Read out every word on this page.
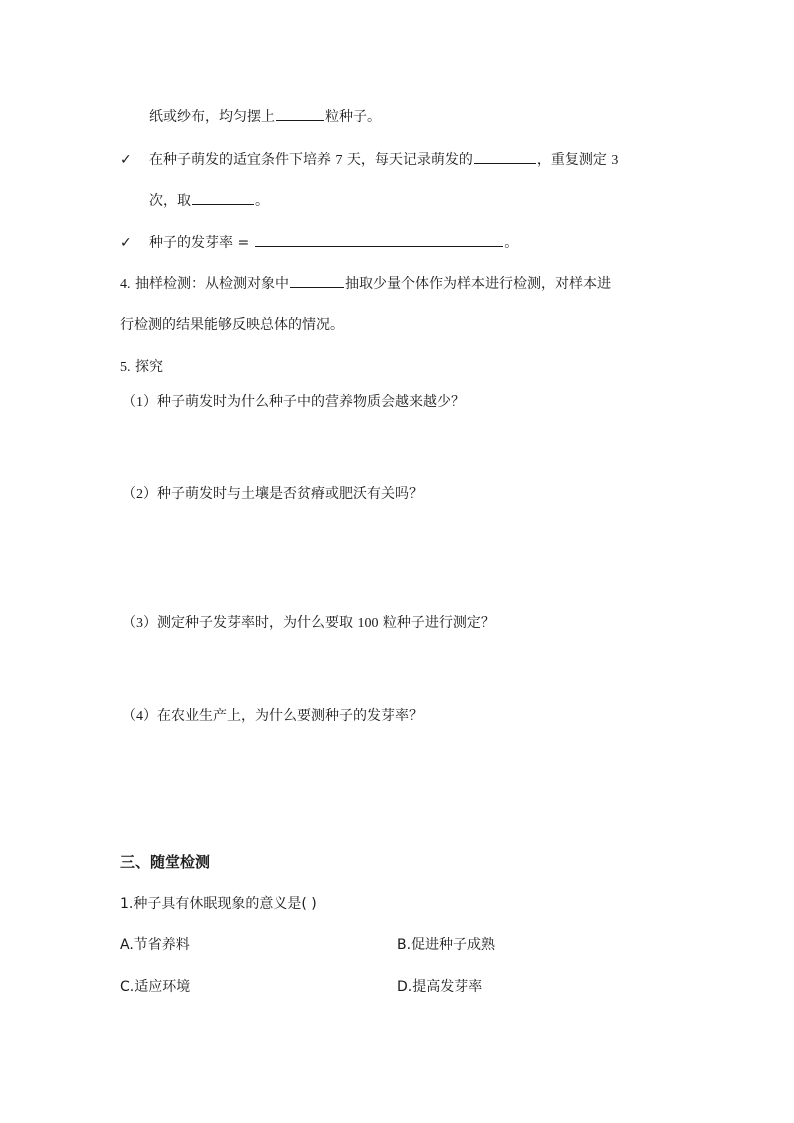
纸或纱布，均匀摆上	粒种子。
✓ 在种子萌发的适宜条件下培养 7 天，每天记录萌发的	，重复测定 3
次，取	。
✓ 种子的发芽率 =	。
4. 抽样检测：从检测对象中	抽取少量个体作为样本进行检测，对样本进
行检测的结果能够反映总体的情况。
5. 探究
（1）种子萌发时为什么种子中的营养物质会越来越少？
（2）种子萌发时与土壤是否贫瘠或肥沃有关吗？
（3）测定种子发芽率时，为什么要取 100 粒种子进行测定？
（4）在农业生产上，为什么要测种子的发芽率？
三、随堂检测
1.种子具有休眠现象的意义是( )
A.节省养料	B.促进种子成熟
C.适应环境	D.提高发芽率
